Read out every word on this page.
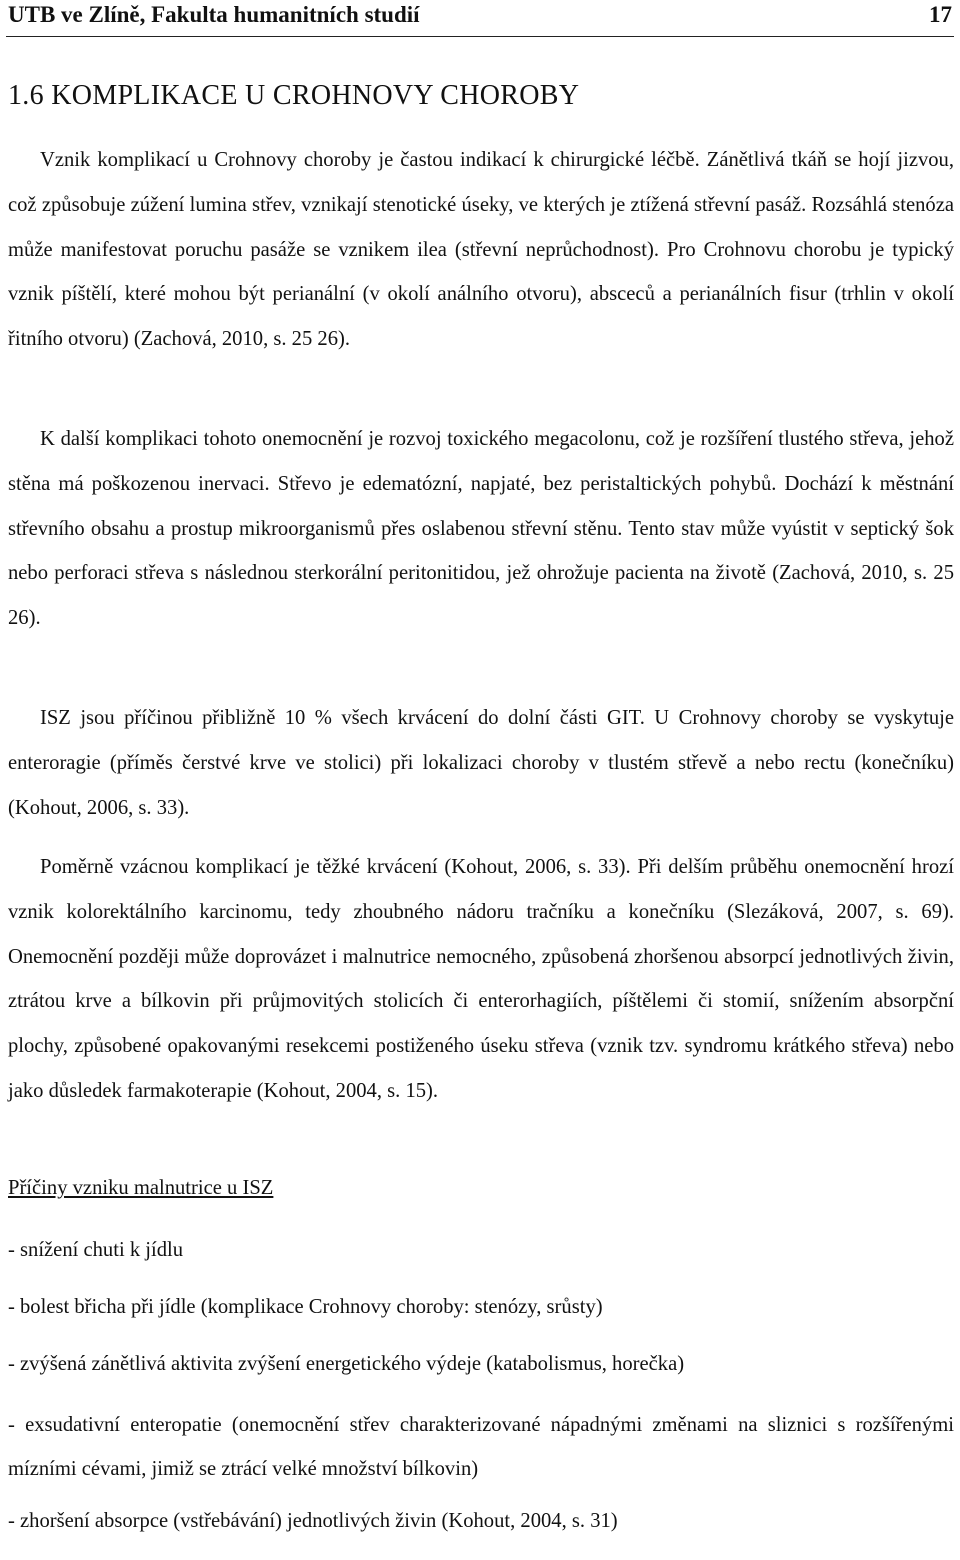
UTB ve Zlíně, Fakulta humanitních studií	17
1.6 KOMPLIKACE U CROHNOVY CHOROBY

Vznik komplikací u Crohnovy choroby je častou indikací k chirurgické léčbě. Zánětlivá tkáň se hojí jizvou, což způsobuje zúžení lumina střev, vznikají stenotické úseky, ve kterých je ztížená střevní pasáž. Rozsáhlá stenóza může manifestovat poruchu pasáže se vznikem ilea (střevní neprůchodnost). Pro Crohnovu chorobu je typický vznik píštělí, které mohou být perianální (v okolí análního otvoru), absceců a perianálních fisur (trhlin v okolí řitního otvoru) (Zachová, 2010, s. 25 26).

K další komplikaci tohoto onemocnění je rozvoj toxického megacolonu, což je rozšíření tlustého střeva, jehož stěna má poškozenou inervaci. Střevo je edematózní, napjaté, bez peristaltických pohybů. Dochází k městnání střevního obsahu a prostup mikroorganismů přes oslabenou střevní stěnu. Tento stav může vyústit v septický šok nebo perforaci střeva s následnou sterkorální peritonitidou, jež ohrožuje pacienta na životě (Zachová, 2010, s. 25 26).

ISZ jsou příčinou přibližně 10 % všech krvácení do dolní části GIT. U Crohnovy choroby se vyskytuje enteroragie (příměs čerstvé krve ve stolici) při lokalizaci choroby v tlustém střevě a nebo rectu (konečníku) (Kohout, 2006, s. 33).

Poměrně vzácnou komplikací je těžké krvácení (Kohout, 2006, s. 33). Při delším průběhu onemocnění hrozí vznik kolorektálního karcinomu, tedy zhoubného nádoru tračníku a konečníku (Slezáková, 2007, s. 69). Onemocnění později může doprovázet i malnutrice nemocného, způsobená zhoršenou absorpcí jednotlivých živin, ztrátou krve a bílkovin při průjmovitých stolicích či enterorhagiích, píštělemi či stomií, snížením absorpční plochy, způsobené opakovanými resekcemi postiženého úseku střeva (vznik tzv. syndromu krátkého střeva) nebo jako důsledek farmakoterapie (Kohout, 2004, s. 15).

Příčiny vzniku malnutrice u ISZ
- snížení chuti k jídlu
- bolest břicha při jídle (komplikace Crohnovy choroby: stenózy, srůsty)
- zvýšená zánětlivá aktivita zvýšení energetického výdeje (katabolismus, horečka)
- exsudativní enteropatie (onemocnění střev charakterizované nápadnými změnami na sliznici s rozšířenými mízními cévami, jimiž se ztrácí velké množství bílkovin)
- zhoršení absorpce (vstřebávání) jednotlivých živin (Kohout, 2004, s. 31)
